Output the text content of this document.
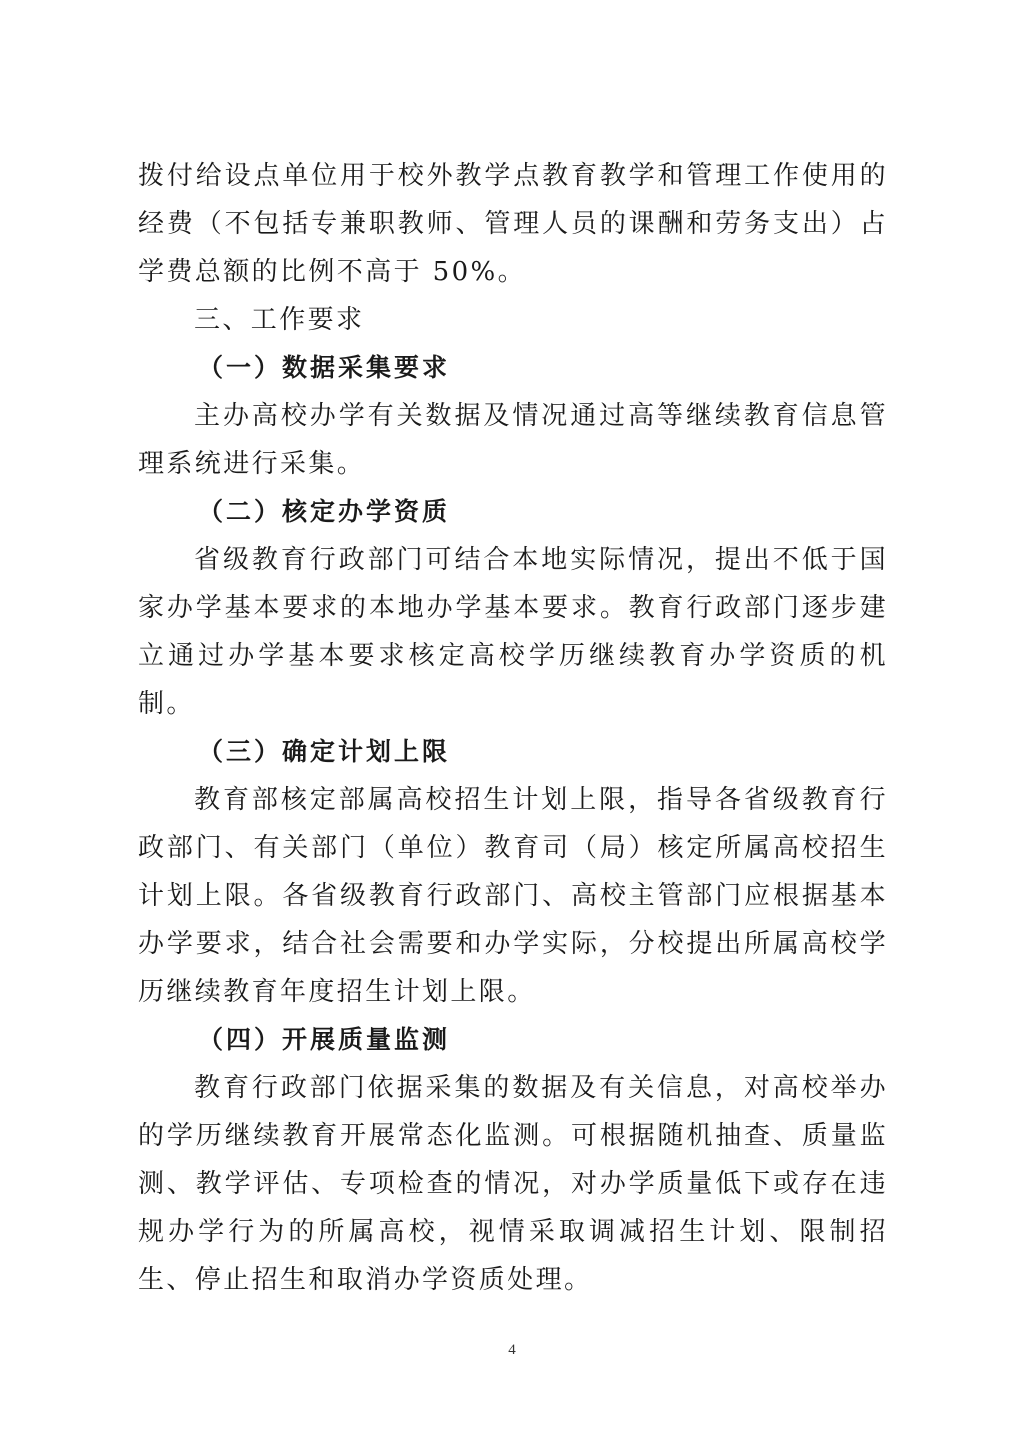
拨付给设点单位用于校外教学点教育教学和管理工作使用的经费（不包括专兼职教师、管理人员的课酬和劳务支出）占学费总额的比例不高于 50%。

三、工作要求
（一）数据采集要求

主办高校办学有关数据及情况通过高等继续教育信息管理系统进行采集。

（二）核定办学资质

省级教育行政部门可结合本地实际情况，提出不低于国家办学基本要求的本地办学基本要求。教育行政部门逐步建立通过办学基本要求核定高校学历继续教育办学资质的机制。

（三）确定计划上限

教育部核定部属高校招生计划上限，指导各省级教育行政部门、有关部门（单位）教育司（局）核定所属高校招生计划上限。各省级教育行政部门、高校主管部门应根据基本办学要求，结合社会需要和办学实际，分校提出所属高校学历继续教育年度招生计划上限。

（四）开展质量监测

教育行政部门依据采集的数据及有关信息，对高校举办的学历继续教育开展常态化监测。可根据随机抽查、质量监测、教学评估、专项检查的情况，对办学质量低下或存在违规办学行为的所属高校，视情采取调减招生计划、限制招生、停止招生和取消办学资质处理。

4
